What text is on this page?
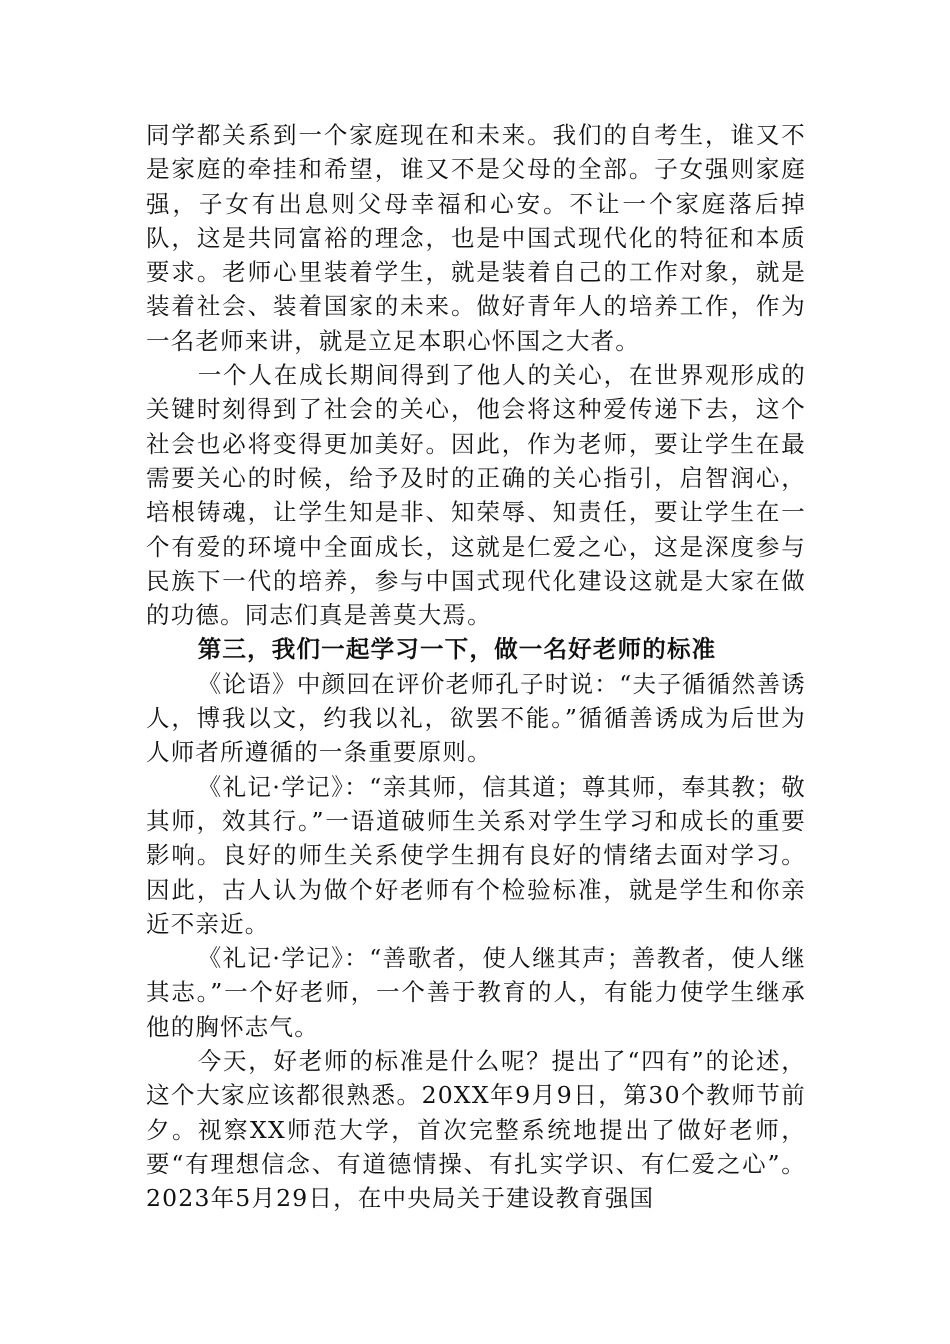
同学都关系到一个家庭现在和未来。我们的自考生，谁又不是家庭的牵挂和希望，谁又不是父母的全部。子女强则家庭强，子女有出息则父母幸福和心安。不让一个家庭落后掉队，这是共同富裕的理念，也是中国式现代化的特征和本质要求。老师心里装着学生，就是装着自己的工作对象，就是装着社会、装着国家的未来。做好青年人的培养工作，作为一名老师来讲，就是立足本职心怀国之大者。

一个人在成长期间得到了他人的关心，在世界观形成的关键时刻得到了社会的关心，他会将这种爱传递下去，这个社会也必将变得更加美好。因此，作为老师，要让学生在最需要关心的时候，给予及时的正确的关心指引，启智润心，培根铸魂，让学生知是非、知荣辱、知责任，要让学生在一个有爱的环境中全面成长，这就是仁爱之心，这是深度参与民族下一代的培养，参与中国式现代化建设这就是大家在做的功德。同志们真是善莫大焉。

第三，我们一起学习一下，做一名好老师的标准

《论语》中颜回在评价老师孔子时说：“夫子循循然善诱人，博我以文，约我以礼，欲罢不能。”循循善诱成为后世为人师者所遵循的一条重要原则。

《礼记·学记》：“亲其师，信其道；尊其师，奉其教；敬其师，效其行。”一语道破师生关系对学生学习和成长的重要影响。良好的师生关系使学生拥有良好的情绪去面对学习。因此，古人认为做个好老师有个检验标准，就是学生和你亲近不亲近。

《礼记·学记》：“善歌者，使人继其声；善教者，使人继其志。”一个好老师，一个善于教育的人，有能力使学生继承他的胸怀志气。

今天，好老师的标准是什么呢？提出了“四有”的论述，这个大家应该都很熟悉。20XX年9月9日，第30个教师节前夕。视察XX师范大学，首次完整系统地提出了做好老师，要“有理想信念、有道德情操、有扎实学识、有仁爱之心”。2023年5月29日，在中央局关于建设教育强国
